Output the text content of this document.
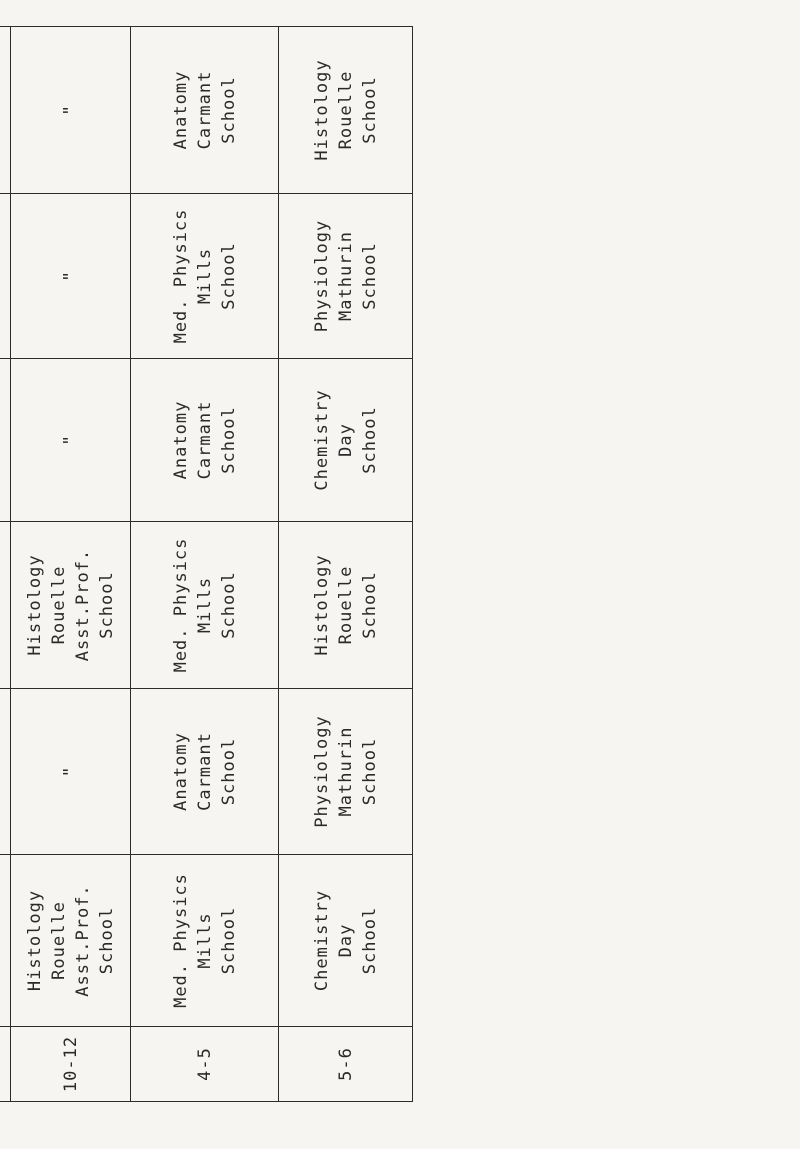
10-12	Histology Rouelle Asst.Prof. School	"	Histology Rouelle Asst.Prof. School	"	"	"

4-5	Med. Physics Mills School	Anatomy Carmant School	Med. Physics Mills School	Anatomy Carmant School	Med. Physics Mills School	Anatomy Carmant School

5-6	Chemistry Day School	Physiology Mathurin School	Histology Rouelle School	Chemistry Day School	Physiology Mathurin School	Histology Rouelle School
